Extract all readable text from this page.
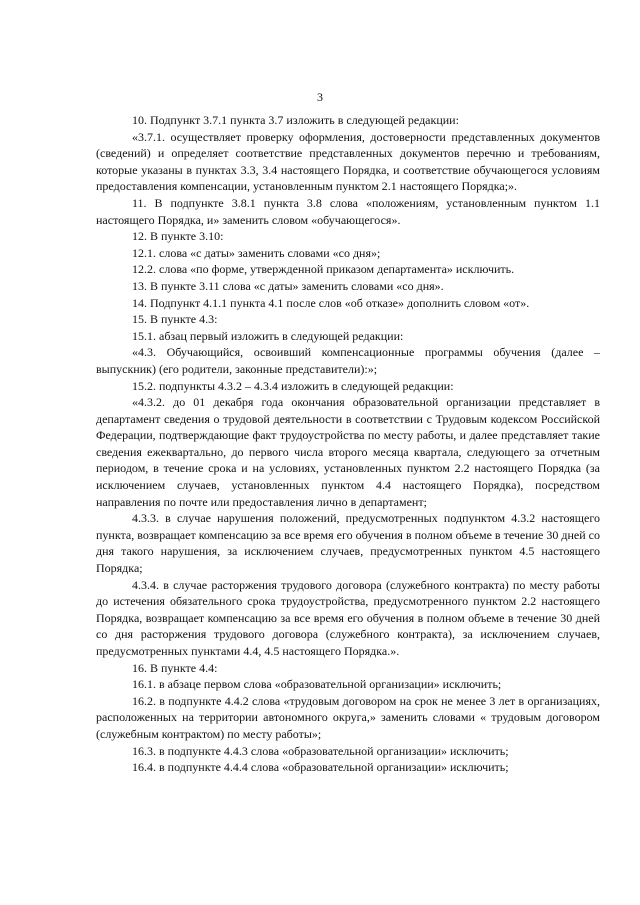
3

10. Подпункт 3.7.1 пункта 3.7 изложить в следующей редакции:

«3.7.1. осуществляет проверку оформления, достоверности представленных документов (сведений) и определяет соответствие представленных документов перечню и требованиям, которые указаны в пунктах 3.3, 3.4 настоящего Порядка, и соответствие обучающегося условиям предоставления компенсации, установленным пунктом 2.1 настоящего Порядка;».

11. В подпункте 3.8.1 пункта 3.8 слова «положениям, установленным пунктом 1.1 настоящего Порядка, и» заменить словом «обучающегося».

12. В пункте 3.10:

12.1. слова «с даты» заменить словами «со дня»;

12.2. слова «по форме, утвержденной приказом департамента» исключить.

13. В пункте 3.11 слова «с даты» заменить словами «со дня».

14. Подпункт 4.1.1 пункта 4.1 после слов «об отказе» дополнить словом «от».

15. В пункте 4.3:

15.1. абзац первый изложить в следующей редакции:

«4.3. Обучающийся, освоивший компенсационные программы обучения (далее – выпускник) (его родители, законные представители):»;

15.2. подпункты 4.3.2 – 4.3.4 изложить в следующей редакции:

«4.3.2. до 01 декабря года окончания образовательной организации представляет в департамент сведения о трудовой деятельности в соответствии с Трудовым кодексом Российской Федерации, подтверждающие факт трудоустройства по месту работы, и далее представляет такие сведения ежеквартально, до первого числа второго месяца квартала, следующего за отчетным периодом, в течение срока и на условиях, установленных пунктом 2.2 настоящего Порядка (за исключением случаев, установленных пунктом 4.4 настоящего Порядка), посредством направления по почте или предоставления лично в департамент;

4.3.3. в случае нарушения положений, предусмотренных подпунктом 4.3.2 настоящего пункта, возвращает компенсацию за все время его обучения в полном объеме в течение 30 дней со дня такого нарушения, за исключением случаев, предусмотренных пунктом 4.5 настоящего Порядка;

4.3.4. в случае расторжения трудового договора (служебного контракта) по месту работы до истечения обязательного срока трудоустройства, предусмотренного пунктом 2.2 настоящего Порядка, возвращает компенсацию за все время его обучения в полном объеме в течение 30 дней со дня расторжения трудового договора (служебного контракта), за исключением случаев, предусмотренных пунктами 4.4, 4.5 настоящего Порядка.».

16. В пункте 4.4:

16.1. в абзаце первом слова «образовательной организации» исключить;

16.2. в подпункте 4.4.2 слова «трудовым договором на срок не менее 3 лет в организациях, расположенных на территории автономного округа,» заменить словами « трудовым договором (служебным контрактом) по месту работы»;

16.3. в подпункте 4.4.3 слова «образовательной организации» исключить;

16.4. в подпункте 4.4.4 слова «образовательной организации» исключить;
